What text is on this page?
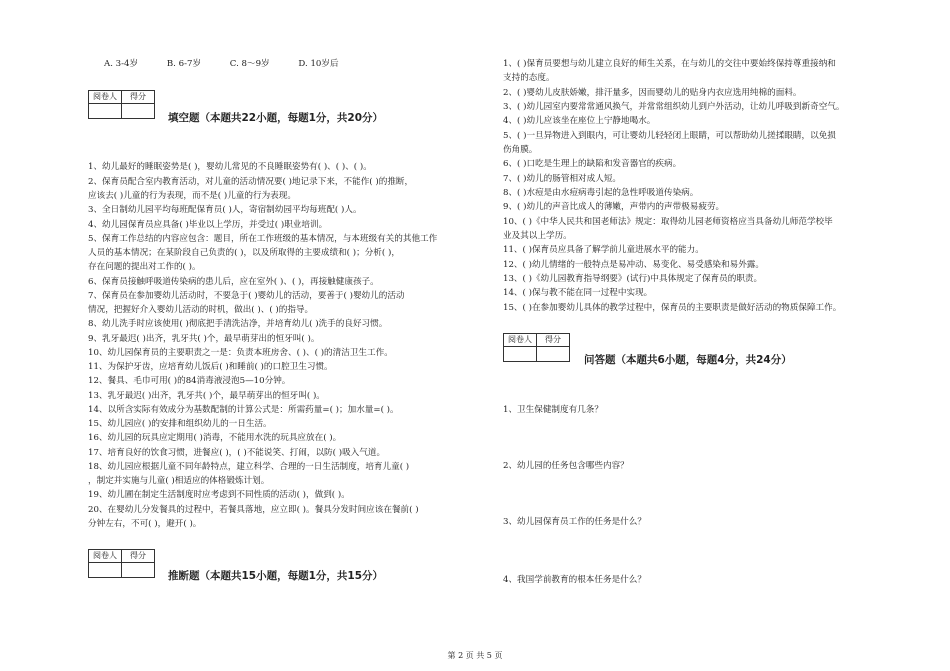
A. 3-4岁	B. 6-7岁	C. 8～9岁	D. 10岁后
阅卷人	得分

填空题（本题共22小题，每题1分，共20分）
1、幼儿最好的睡眠姿势是( )，婴幼儿常见的不良睡眠姿势有( )、( )、( )。
2、保育员配合室内教育活动，对儿童的活动情况要( )地记录下来，不能作( )的推断，
应该去( )儿童的行为表现，而不是( )儿童的行为表现。
3、全日制幼儿园平均每班配保育员( )人，寄宿制幼园平均每班配( )人。
4、幼儿园保育员应具备( )毕业以上学历，并受过( )职业培训。
5、保育工作总结的内容应包含：题目，所在工作班级的基本情况，与本班级有关的其他工作
人员的基本情况；在某阶段自己负责的( )，以及所取得的主要成绩和( )；分析( )，
存在问题的提出对工作的( )。
6、保育员接触呼吸道传染病的患儿后，应在室外( )、( )，再接触健康孩子。
7、保育员在参加婴幼儿活动时，不要急于( )婴幼儿的活动，要善于( )婴幼儿的活动
情况，把握好介入婴幼儿活动的时机，做出( )、( )的指导。
8、幼儿洗手时应该使用( )彻底把手清洗洁净，并培育幼儿( )洗手的良好习惯。
9、乳牙最迟( )出齐，乳牙共( )个，最早萌芽出的恒牙叫( )。
10、幼儿园保育员的主要职责之一是：负责本班房舍、( )、( )的清洁卫生工作。
11、为保护牙齿，应培育幼儿饭后( )和睡前( )的口腔卫生习惯。
12、餐具、毛巾可用( )的84消毒液浸泡5—10分钟。
13、乳牙最迟( )出齐，乳牙共( )个，最早萌芽出的恒牙叫( )。
14、以所含实际有效成分为基数配制的计算公式是：所需药量=( )；加水量=( )。
15、幼儿园应( )的安排和组织幼儿的一日生活。
16、幼儿园的玩具应定期用( )消毒，不能用水洗的玩具应放在( )。
17、培育良好的饮食习惯，进餐应( )，( )不能说笑、打闹，以防( )吸入气道。
18、幼儿园应根据儿童不同年龄特点，建立科学、合理的一日生活制度，培育儿童( )
，制定并实施与儿童( )相适应的体格锻炼计划。
19、幼儿圃在制定生活制度时应考虑到不同性质的活动( )，做到( )。
20、在婴幼儿分发餐具的过程中，若餐具落地，应立即( )。餐具分发时间应该在餐前( )
分钟左右，不可( )，避开( )。
阅卷人	得分

推断题（本题共15小题，每题1分，共15分）
1、( )保育员要想与幼儿建立良好的师生关系，在与幼儿的交往中要始终保持尊重接纳和
支持的态度。
2、( )婴幼儿皮肤娇嫩，排汗量多，因而婴幼儿的贴身内衣应选用纯棉的面料。
3、( )幼儿园室内要常常通风换气，并常常组织幼儿到户外活动，让幼儿呼吸到新奇空气。
4、( )幼儿应该坐在座位上宁静地喝水。
5、( )一旦异物进入到眼内，可让婴幼儿轻轻闭上眼睛，可以帮助幼儿搓揉眼睛，以免损
伤角膜。
6、( )口吃是生理上的缺陷和发音器官的疾病。
7、( )幼儿的肠管相对成人短。
8、( )水痘是由水痘病毒引起的急性呼吸道传染病。
9、( )幼儿的声音比成人的薄嫩，声带内的声带极易疲劳。
10、( )《中华人民共和国老师法》规定：取得幼儿园老师资格应当具备幼儿师范学校毕
业及其以上学历。
11、( )保育员应具备了解学前儿童进展水平的能力。
12、( )幼儿情绪的一般特点是易冲动、易变化、易受感染和易外露。
13、( )《幼儿园教育指导纲要》(试行)中具体规定了保育员的职责。
14、( )保与教不能在同一过程中实现。
15、( )在参加婴幼儿具体的教学过程中，保育员的主要职责是做好活动的物质保障工作。
阅卷人	得分

问答题（本题共6小题，每题4分，共24分）
1、卫生保健制度有几条？
2、幼儿园的任务包含哪些内容？
3、幼儿园保育员工作的任务是什么？
4、我国学前教育的根本任务是什么？
第 2 页 共 5 页
